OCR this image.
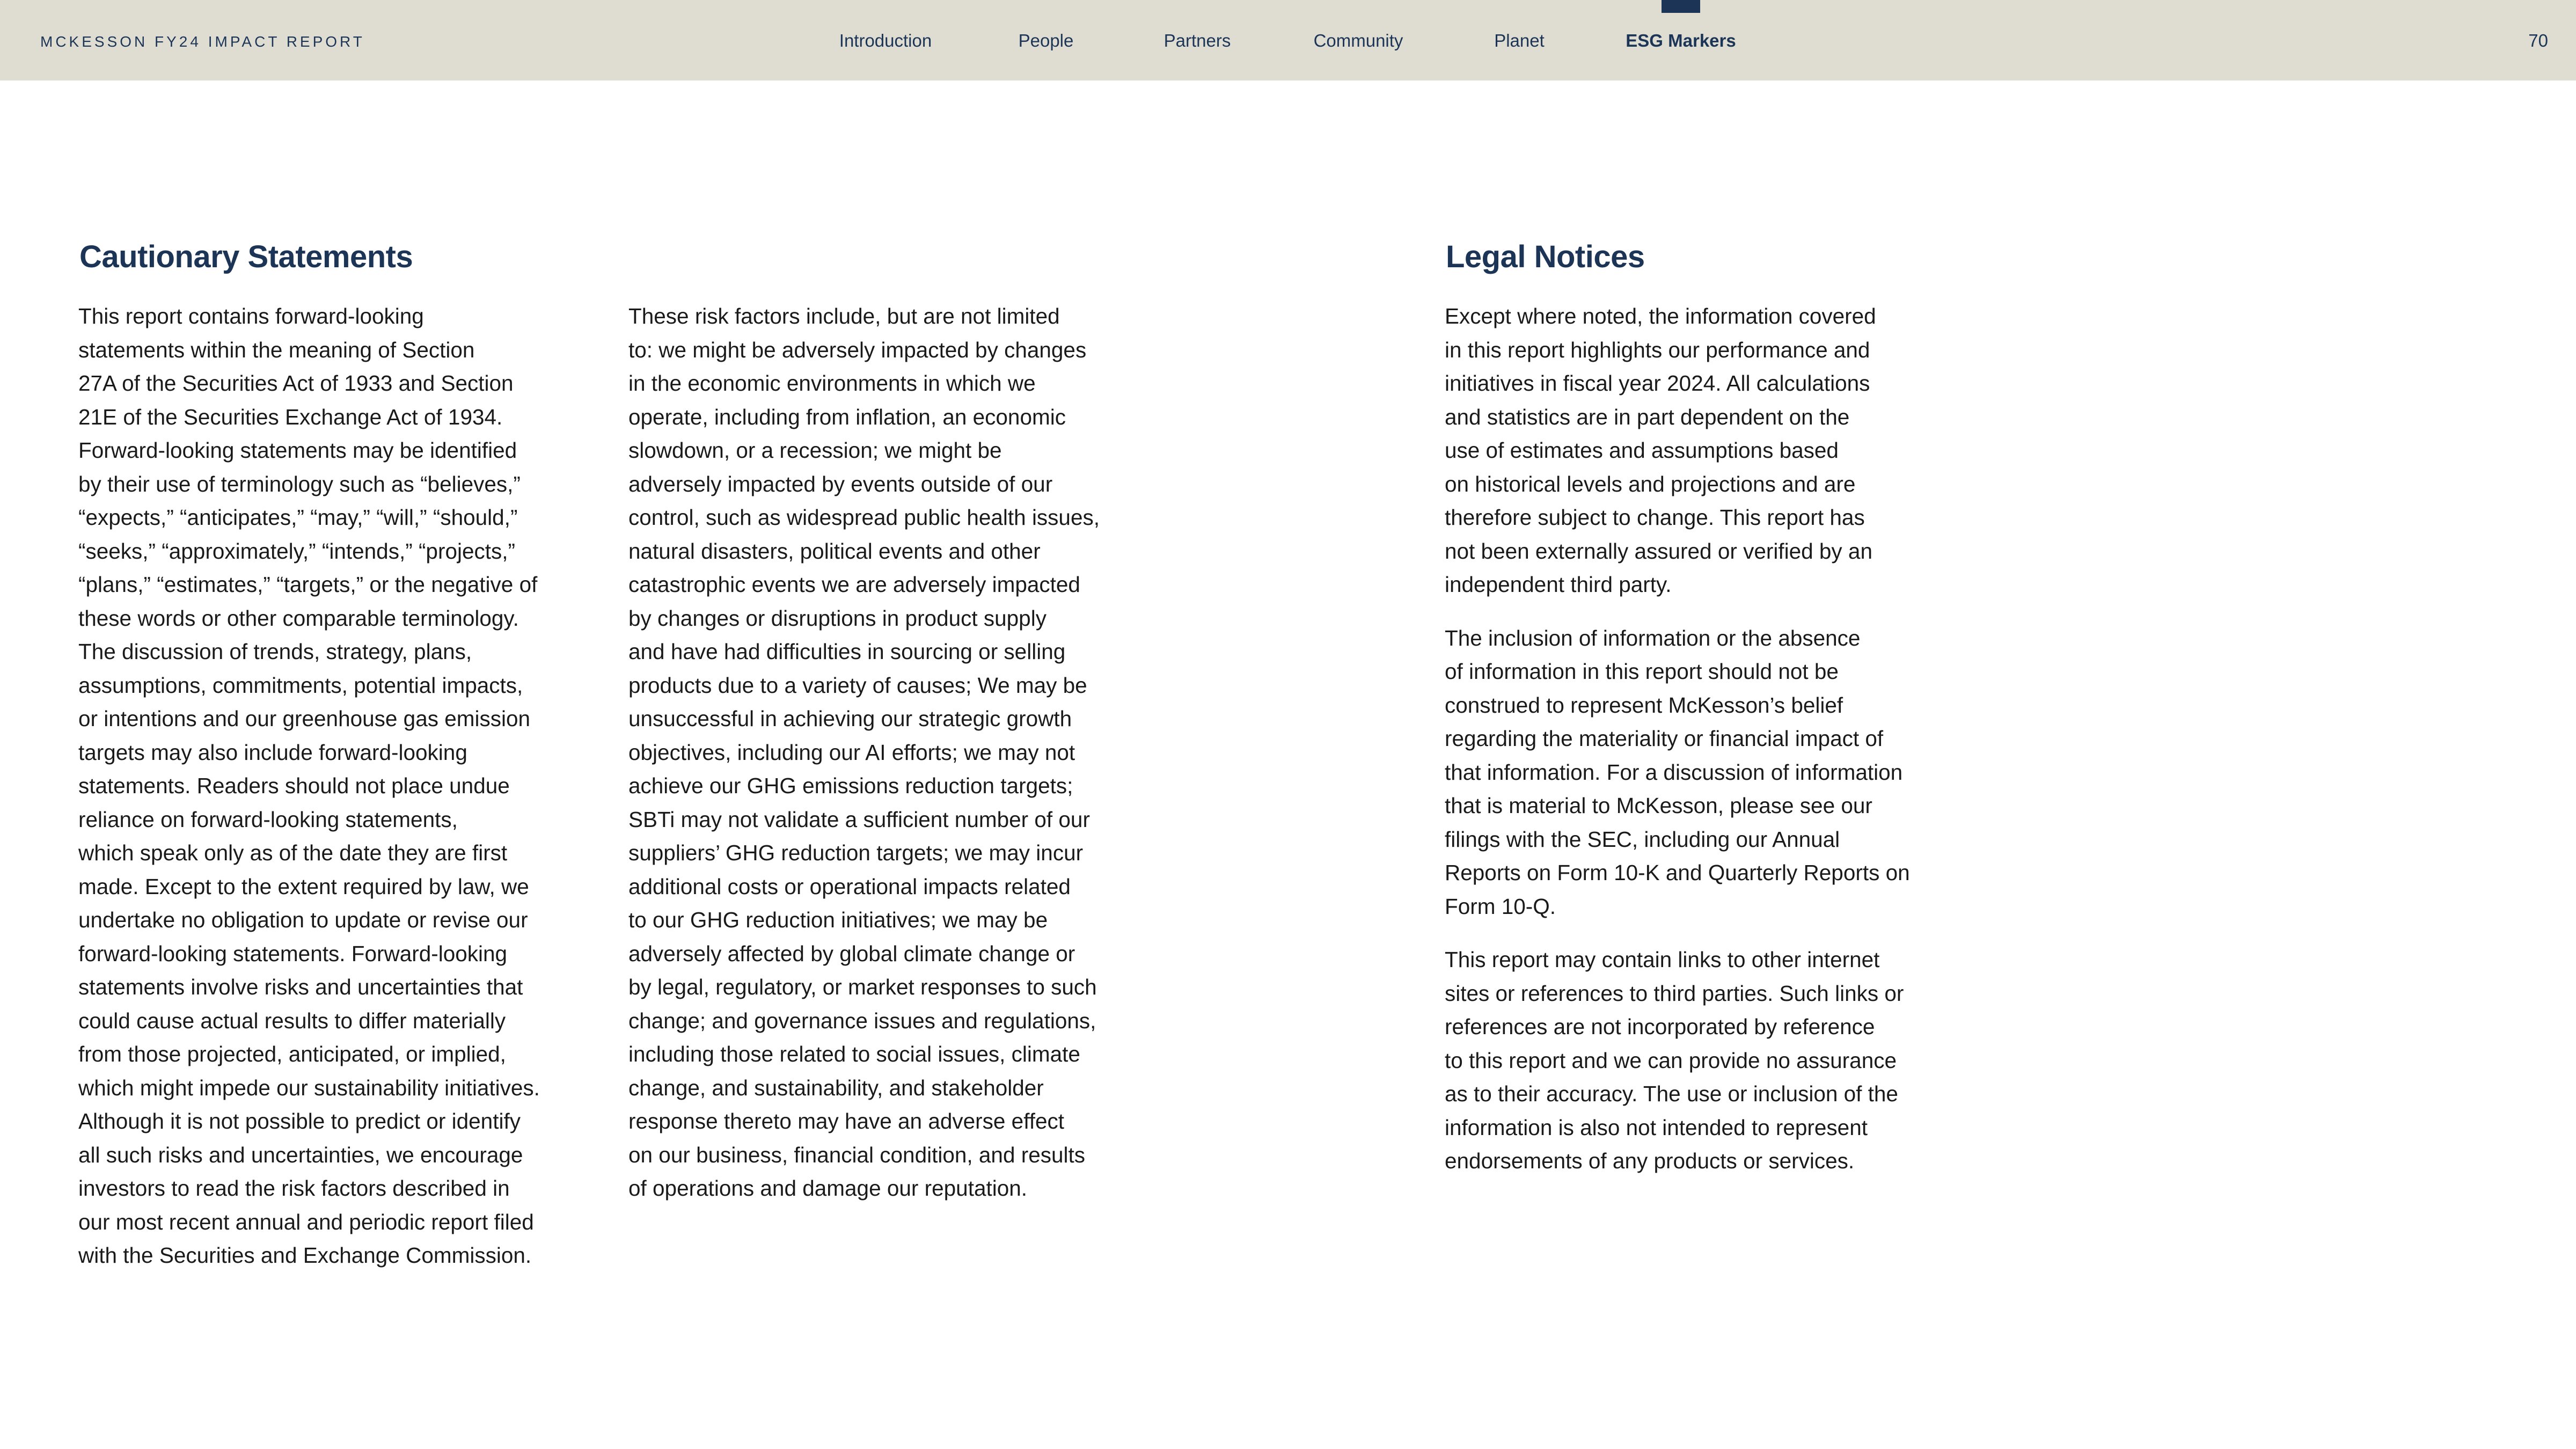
MCKESSON FY24 IMPACT REPORT	Introduction	People	Partners	Community	Planet	ESG Markers	70
Cautionary Statements

This report contains forward-looking
statements within the meaning of Section
27A of the Securities Act of 1933 and Section
21E of the Securities Exchange Act of 1934.
Forward-looking statements may be identified
by their use of terminology such as “believes,”
“expects,” “anticipates,” “may,” “will,” “should,”
“seeks,” “approximately,” “intends,” “projects,”
“plans,” “estimates,” “targets,” or the negative of
these words or other comparable terminology.
The discussion of trends, strategy, plans,
assumptions, commitments, potential impacts,
or intentions and our greenhouse gas emission
targets may also include forward-looking
statements. Readers should not place undue
reliance on forward-looking statements,
which speak only as of the date they are first
made. Except to the extent required by law, we
undertake no obligation to update or revise our
forward-looking statements. Forward-looking
statements involve risks and uncertainties that
could cause actual results to differ materially
from those projected, anticipated, or implied,
which might impede our sustainability initiatives.
Although it is not possible to predict or identify
all such risks and uncertainties, we encourage
investors to read the risk factors described in
our most recent annual and periodic report filed
with the Securities and Exchange Commission.

These risk factors include, but are not limited
to: we might be adversely impacted by changes
in the economic environments in which we
operate, including from inflation, an economic
slowdown, or a recession; we might be
adversely impacted by events outside of our
control, such as widespread public health issues,
natural disasters, political events and other
catastrophic events we are adversely impacted
by changes or disruptions in product supply
and have had difficulties in sourcing or selling
products due to a variety of causes; We may be
unsuccessful in achieving our strategic growth
objectives, including our AI efforts; we may not
achieve our GHG emissions reduction targets;
SBTi may not validate a sufficient number of our
suppliers’ GHG reduction targets; we may incur
additional costs or operational impacts related
to our GHG reduction initiatives; we may be
adversely affected by global climate change or
by legal, regulatory, or market responses to such
change; and governance issues and regulations,
including those related to social issues, climate
change, and sustainability, and stakeholder
response thereto may have an adverse effect
on our business, financial condition, and results
of operations and damage our reputation.

Legal Notices

Except where noted, the information covered
in this report highlights our performance and
initiatives in fiscal year 2024. All calculations
and statistics are in part dependent on the
use of estimates and assumptions based
on historical levels and projections and are
therefore subject to change. This report has
not been externally assured or verified by an
independent third party.

The inclusion of information or the absence
of information in this report should not be
construed to represent McKesson’s belief
regarding the materiality or financial impact of
that information. For a discussion of information
that is material to McKesson, please see our
filings with the SEC, including our Annual
Reports on Form 10-K and Quarterly Reports on
Form 10-Q.

This report may contain links to other internet
sites or references to third parties. Such links or
references are not incorporated by reference
to this report and we can provide no assurance
as to their accuracy. The use or inclusion of the
information is also not intended to represent
endorsements of any products or services.
